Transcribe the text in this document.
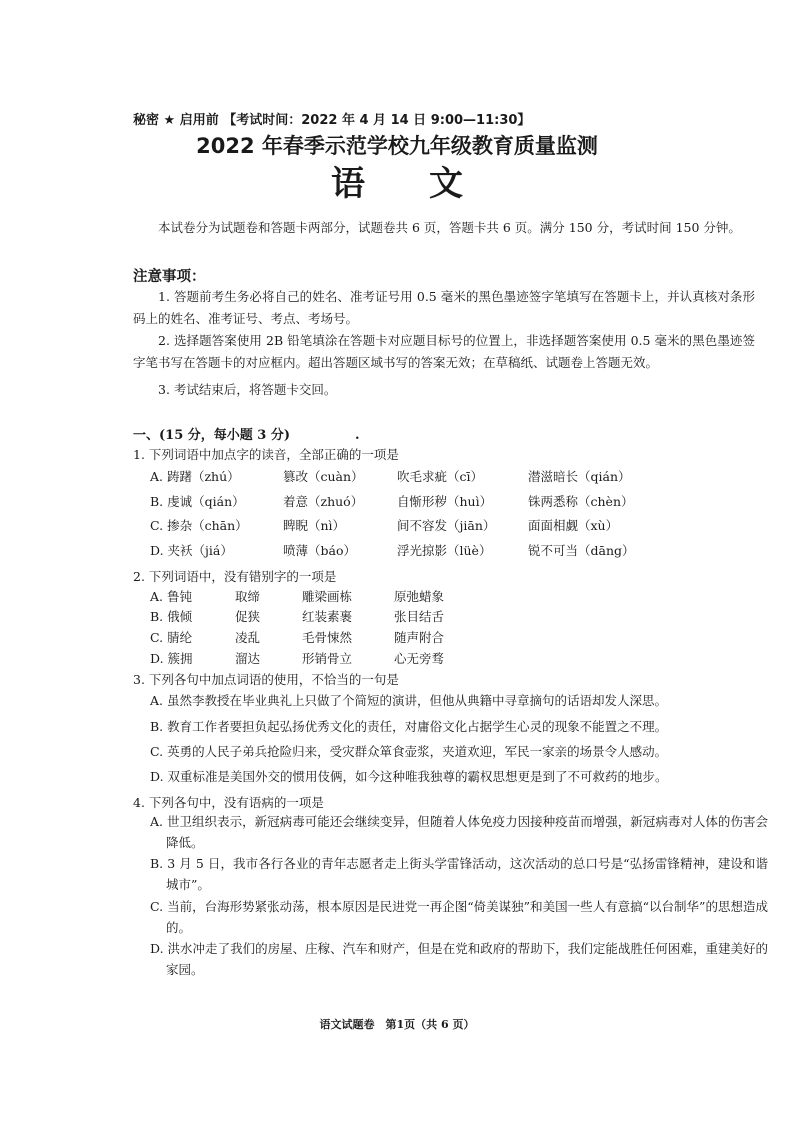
秘密 ★ 启用前 【考试时间：2022 年 4 月 14 日 9:00—11:30】
2022 年春季示范学校九年级教育质量监测
语文
本试卷分为试题卷和答题卡两部分，试题卷共 6 页，答题卡共 6 页。满分 150 分，考试时间 150 分钟。
注意事项：
1. 答题前考生务必将自己的姓名、准考证号用 0.5 毫米的黑色墨迹签字笔填写在答题卡上，并认真核对条形码上的姓名、准考证号、考点、考场号。
2. 选择题答案使用 2B 铅笔填涂在答题卡对应题目标号的位置上，非选择题答案使用 0.5 毫米的黑色墨迹签字笔书写在答题卡的对应框内。超出答题区域书写的答案无效；在草稿纸、试题卷上答题无效。
3. 考试结束后，将答题卡交回。
一、(15 分，每小题 3 分)　　　　　.
1. 下列词语中加点字的读音，全部正确的一项是
A. 踌躇（zhú）	篡改（cuàn）	吹毛求疵（cī）	潜滋暗长（qián）
B. 虔诚（qián）	着意（zhuó）	自惭形秽（huì）	铢两悉称（chèn）
C. 掺杂（chān）	睥睨（nì）	间不容发（jiān）	面面相觑（xù）
D. 夹袄（jiá）	喷薄（báo）	浮光掠影（lüè）	锐不可当（dāng）
2. 下列词语中，没有错别字的一项是
A. 鲁钝	取缔	雕梁画栋	原弛蜡象
B. 俄倾	促狭	红装素裹	张目结舌
C. 腈纶	凌乱	毛骨悚然	随声附合
D. 簇拥	溜达	形销骨立	心无旁骛
3. 下列各句中加点词语的使用，不恰当的一句是
A. 虽然李教授在毕业典礼上只做了个简短的演讲，但他从典籍中寻章摘句的话语却发人深思。
B. 教育工作者要担负起弘扬优秀文化的责任，对庸俗文化占据学生心灵的现象不能置之不理。
C. 英勇的人民子弟兵抢险归来，受灾群众箪食壶浆，夹道欢迎，军民一家亲的场景令人感动。
D. 双重标准是美国外交的惯用伎俩，如今这种唯我独尊的霸权思想更是到了不可救药的地步。
4. 下列各句中，没有语病的一项是
A. 世卫组织表示，新冠病毒可能还会继续变异，但随着人体免疫力因接种疫苗而增强，新冠病毒对人体的伤害会降低。
B. 3 月 5 日，我市各行各业的青年志愿者走上街头学雷锋活动，这次活动的总口号是“弘扬雷锋精神，建设和谐城市”。
C. 当前，台海形势紧张动荡，根本原因是民进党一再企图“倚美谋独”和美国一些人有意搞“以台制华”的思想造成的。
D. 洪水冲走了我们的房屋、庄稼、汽车和财产，但是在党和政府的帮助下，我们定能战胜任何困难，重建美好的家园。
语文试题卷　第1页（共 6 页）
